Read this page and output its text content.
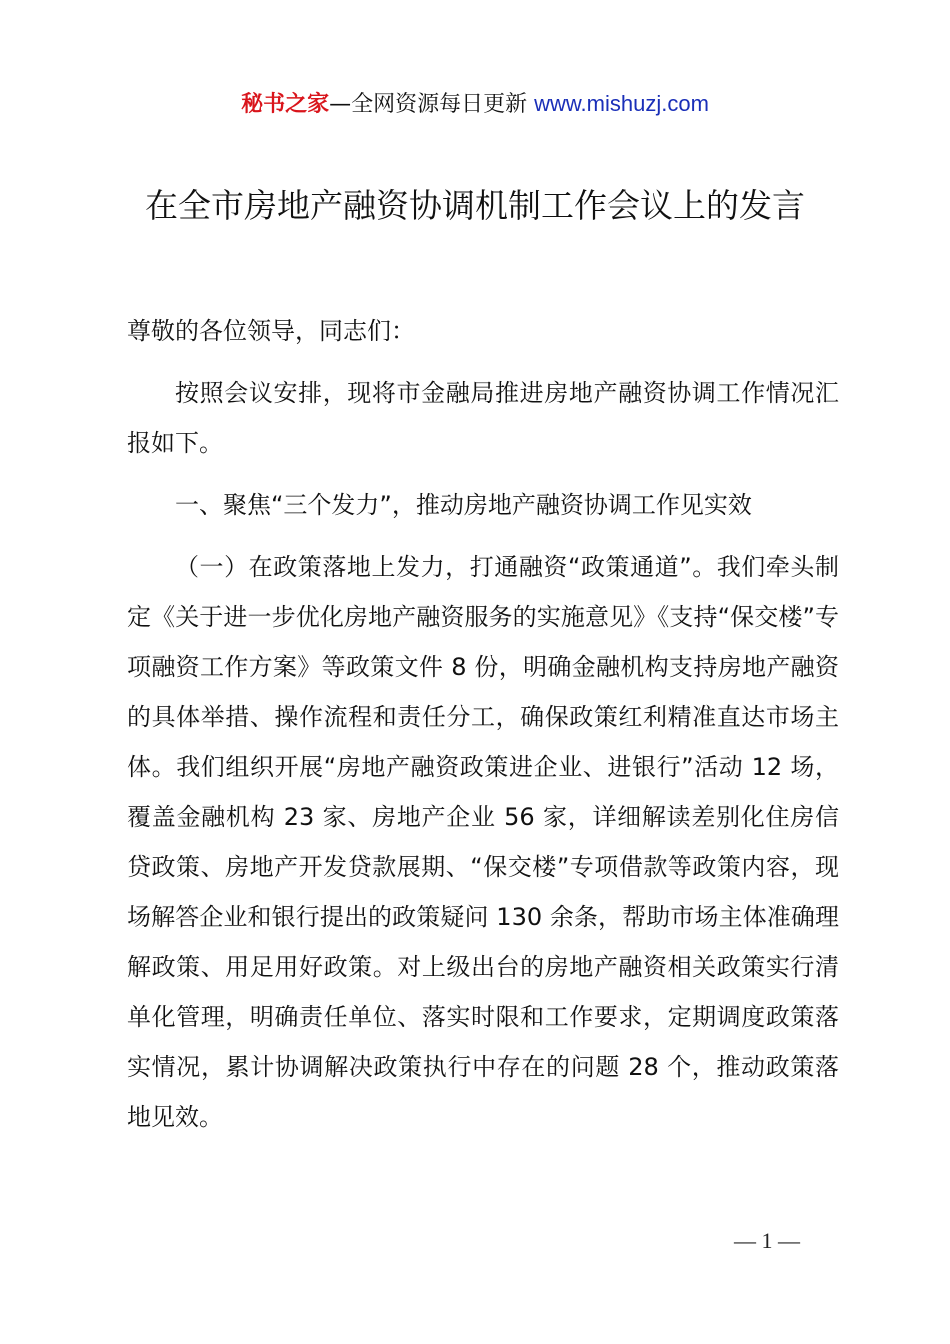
秘书之家—全网资源每日更新 www.mishuzj.com
在全市房地产融资协调机制工作会议上的发言

尊敬的各位领导，同志们：

按照会议安排，现将市金融局推进房地产融资协调工作情况汇报如下。

一、聚焦“三个发力”，推动房地产融资协调工作见实效

（一）在政策落地上发力，打通融资“政策通道”。我们牵头制定《关于进一步优化房地产融资服务的实施意见》《支持“保交楼”专项融资工作方案》等政策文件 8 份，明确金融机构支持房地产融资的具体举措、操作流程和责任分工，确保政策红利精准直达市场主体。我们组织开展“房地产融资政策进企业、进银行”活动 12 场，覆盖金融机构 23 家、房地产企业 56 家，详细解读差别化住房信贷政策、房地产开发贷款展期、“保交楼”专项借款等政策内容，现场解答企业和银行提出的政策疑问 130 余条，帮助市场主体准确理解政策、用足用好政策。对上级出台的房地产融资相关政策实行清单化管理，明确责任单位、落实时限和工作要求，定期调度政策落实情况，累计协调解决政策执行中存在的问题 28 个，推动政策落地见效。

— 1 —
